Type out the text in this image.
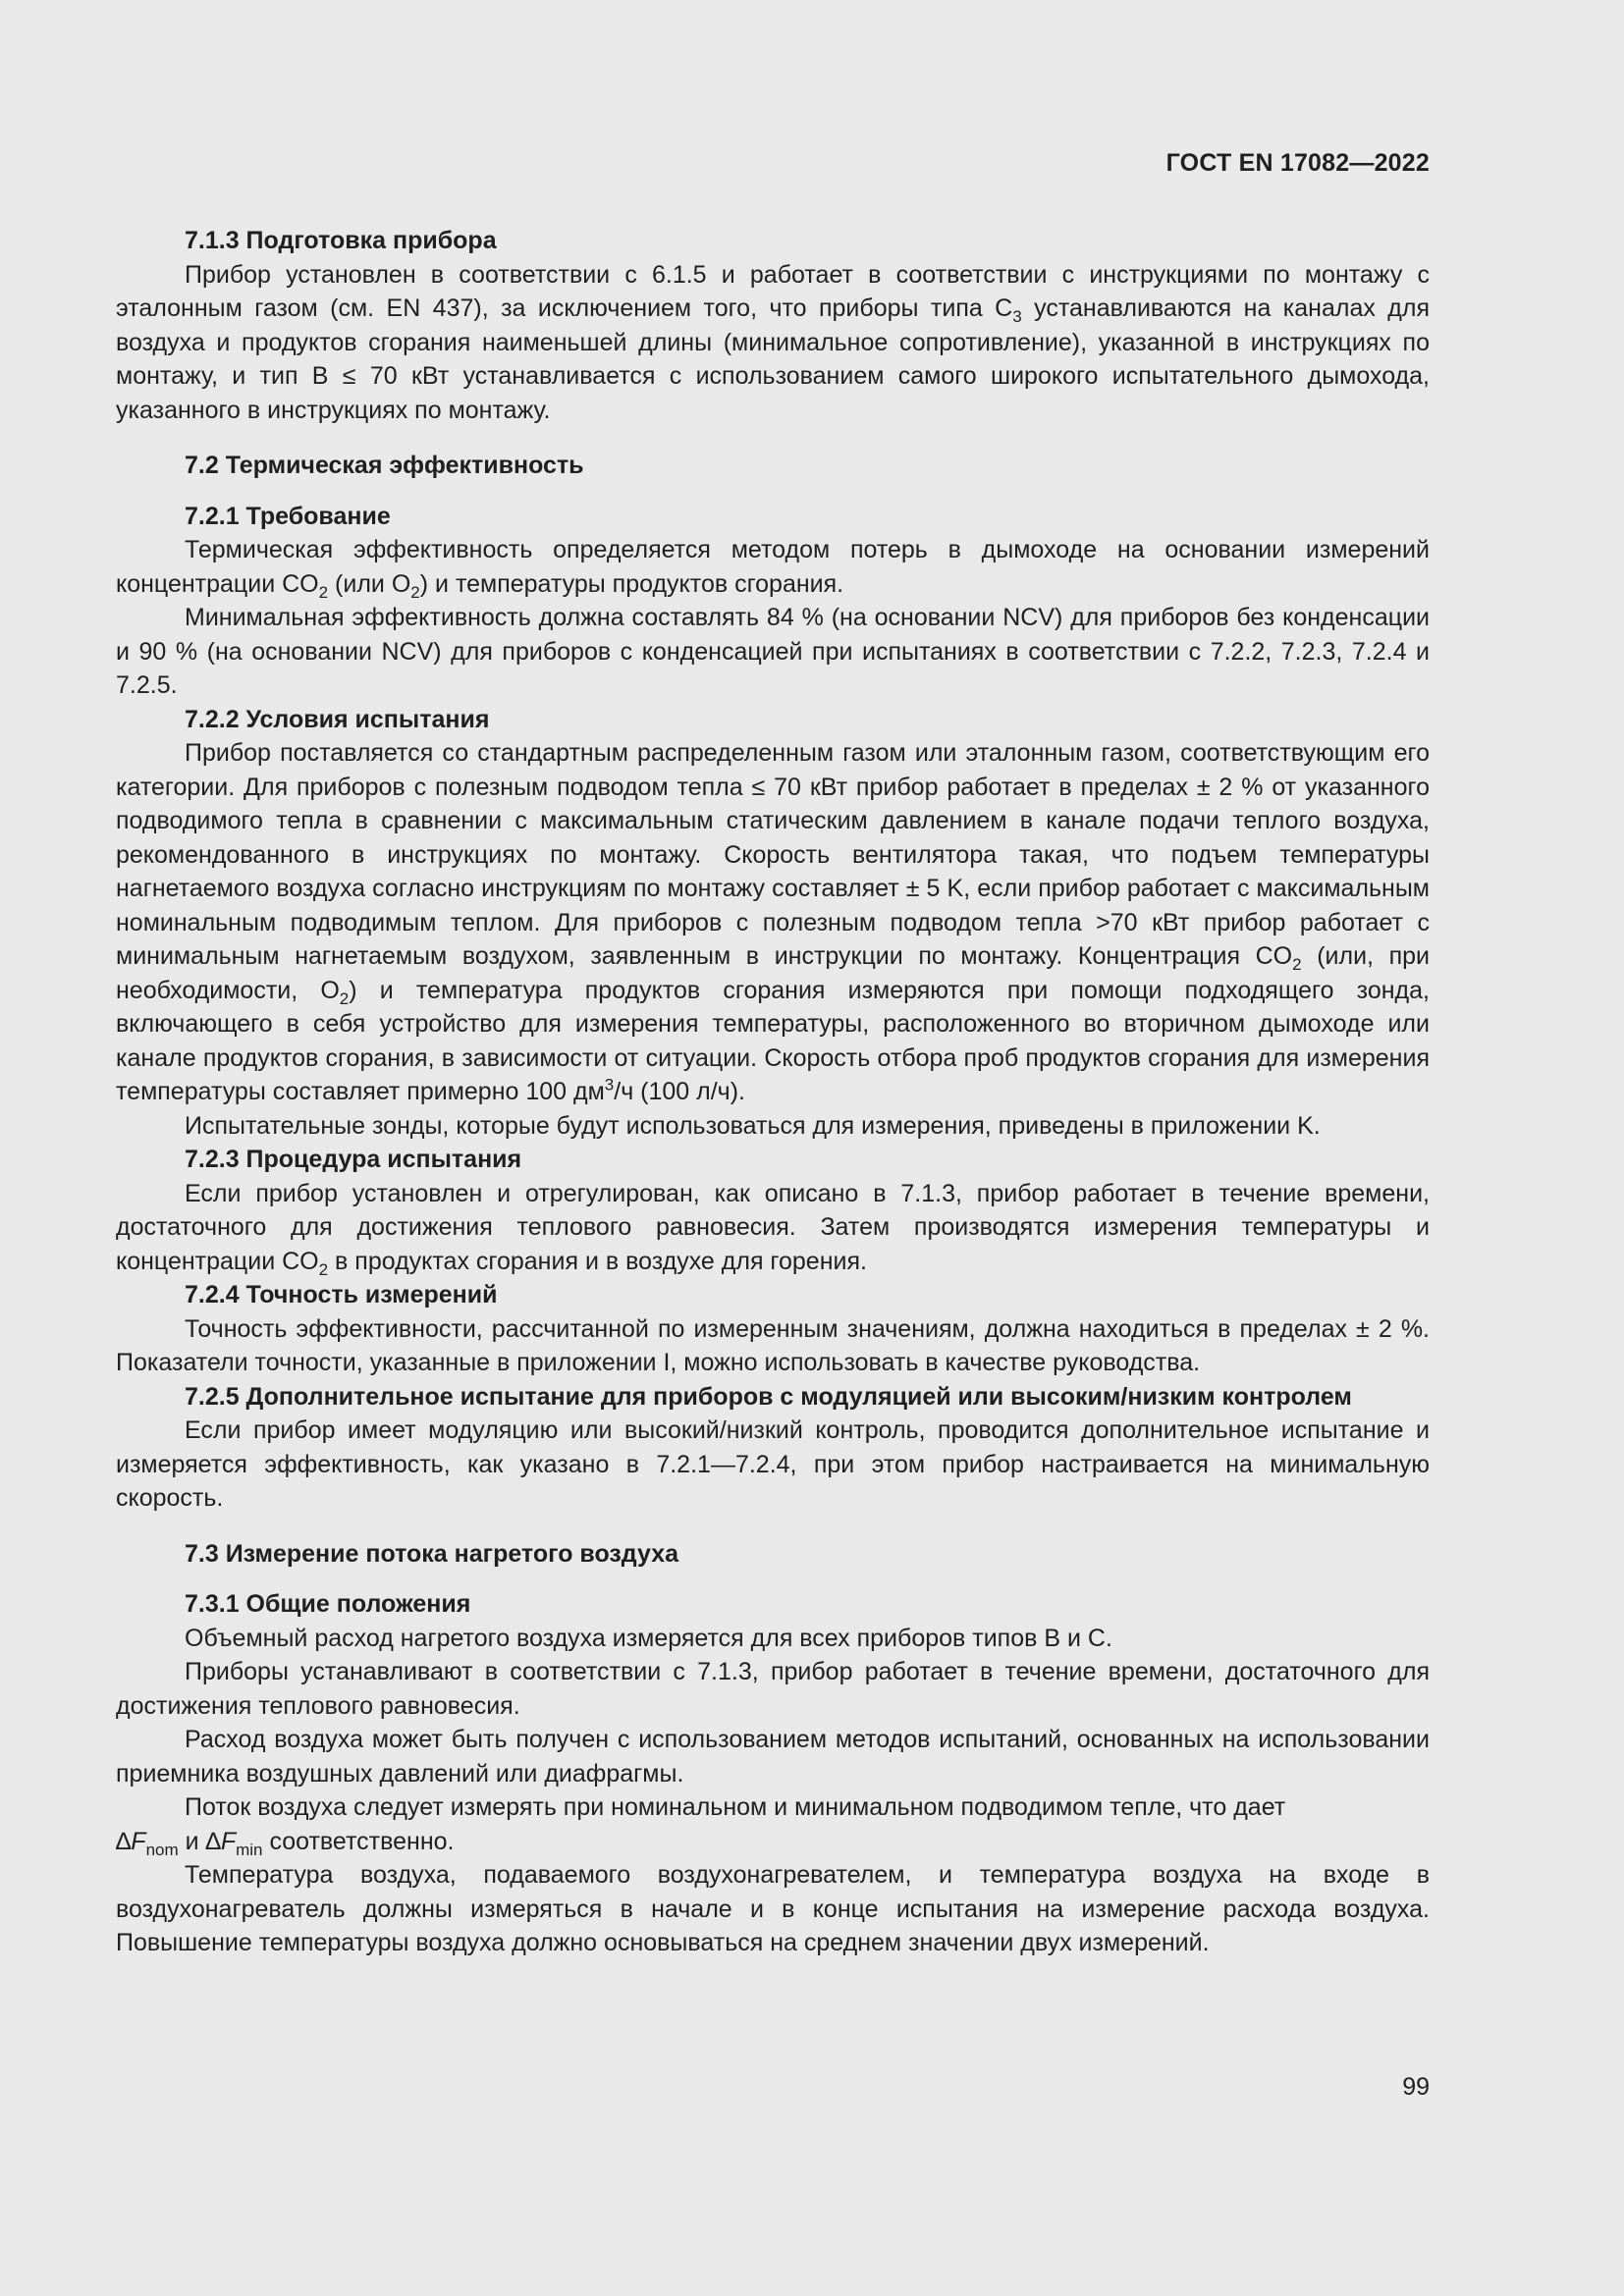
ГОСТ EN 17082—2022

7.1.3 Подготовка прибора

Прибор установлен в соответствии с 6.1.5 и работает в соответствии с инструкциями по монтажу с эталонным газом (см. EN 437), за исключением того, что приборы типа $C_3$ устанавливаются на каналах для воздуха и продуктов сгорания наименьшей длины (минимальное сопротивление), указанной в инструкциях по монтажу, и тип B ≤ 70 кВт устанавливается с использованием самого широкого испытательного дымохода, указанного в инструкциях по монтажу.

7.2 Термическая эффективность

7.2.1 Требование

Термическая эффективность определяется методом потерь в дымоходе на основании измерений концентрации $CO_2$ (или $O_2$) и температуры продуктов сгорания.

Минимальная эффективность должна составлять 84 % (на основании NCV) для приборов без конденсации и 90 % (на основании NCV) для приборов с конденсацией при испытаниях в соответствии с 7.2.2, 7.2.3, 7.2.4 и 7.2.5.

7.2.2 Условия испытания

Прибор поставляется со стандартным распределенным газом или эталонным газом, соответствующим его категории. Для приборов с полезным подводом тепла ≤ 70 кВт прибор работает в пределах ± 2 % от указанного подводимого тепла в сравнении с максимальным статическим давлением в канале подачи теплого воздуха, рекомендованного в инструкциях по монтажу. Скорость вентилятора такая, что подъем температуры нагнетаемого воздуха согласно инструкциям по монтажу составляет ± 5 K, если прибор работает с максимальным номинальным подводимым теплом. Для приборов с полезным подводом тепла >70 кВт прибор работает с минимальным нагнетаемым воздухом, заявленным в инструкции по монтажу. Концентрация $CO_2$ (или, при необходимости, $O_2$) и температура продуктов сгорания измеряются при помощи подходящего зонда, включающего в себя устройство для измерения температуры, расположенного во вторичном дымоходе или канале продуктов сгорания, в зависимости от ситуации. Скорость отбора проб продуктов сгорания для измерения температуры составляет примерно 100 $дм^3/ч$ (100 л/ч).

Испытательные зонды, которые будут использоваться для измерения, приведены в приложении K.

7.2.3 Процедура испытания

Если прибор установлен и отрегулирован, как описано в 7.1.3, прибор работает в течение времени, достаточного для достижения теплового равновесия. Затем производятся измерения температуры и концентрации $CO_2$ в продуктах сгорания и в воздухе для горения.

7.2.4 Точность измерений

Точность эффективности, рассчитанной по измеренным значениям, должна находиться в пределах ± 2 %. Показатели точности, указанные в приложении I, можно использовать в качестве руководства.

7.2.5 Дополнительное испытание для приборов с модуляцией или высоким/низким контролем

Если прибор имеет модуляцию или высокий/низкий контроль, проводится дополнительное испытание и измеряется эффективность, как указано в 7.2.1—7.2.4, при этом прибор настраивается на минимальную скорость.

7.3 Измерение потока нагретого воздуха

7.3.1 Общие положения

Объемный расход нагретого воздуха измеряется для всех приборов типов B и C.

Приборы устанавливают в соответствии с 7.1.3, прибор работает в течение времени, достаточного для достижения теплового равновесия.

Расход воздуха может быть получен с использованием методов испытаний, основанных на использовании приемника воздушных давлений или диафрагмы.

Поток воздуха следует измерять при номинальном и минимальном подводимом тепле, что дает
$\Delta F_{nom}$ и $\Delta F_{min}$ соответственно.

Температура воздуха, подаваемого воздухонагревателем, и температура воздуха на входе в воздухонагреватель должны измеряться в начале и в конце испытания на измерение расхода воздуха. Повышение температуры воздуха должно основываться на среднем значении двух измерений.

99
